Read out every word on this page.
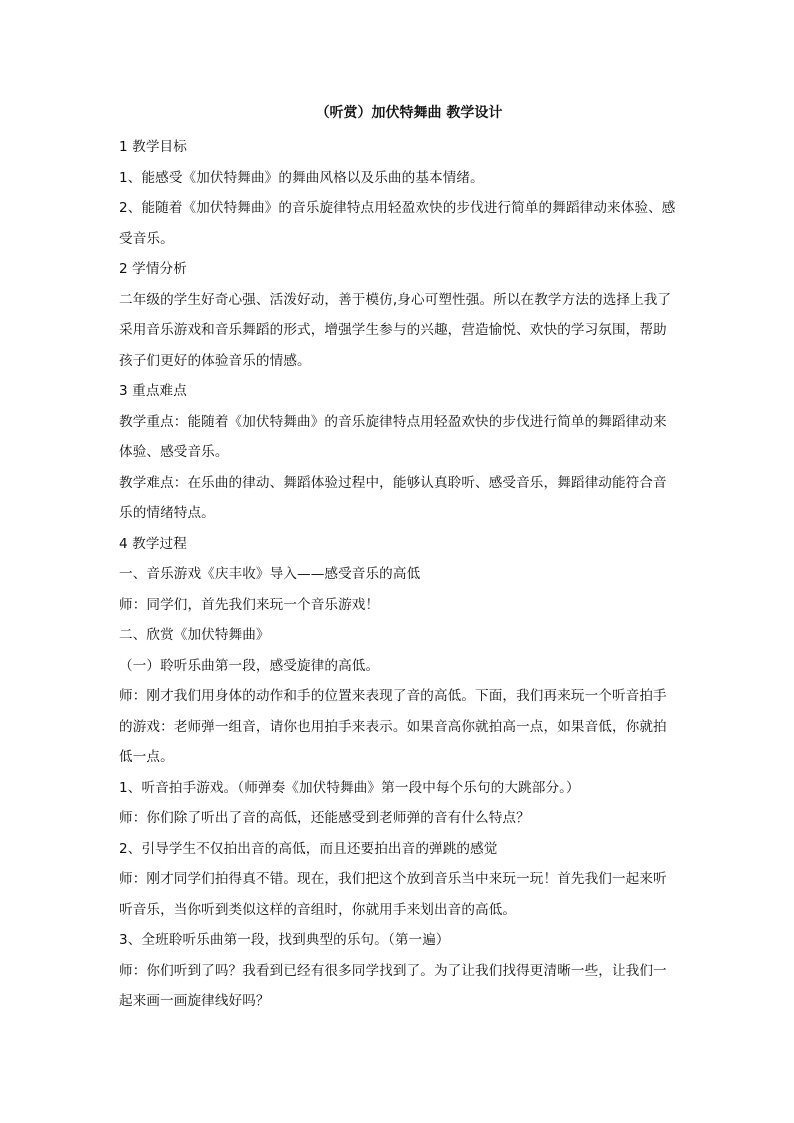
（听赏）加伏特舞曲 教学设计

1 教学目标

1、能感受《加伏特舞曲》的舞曲风格以及乐曲的基本情绪。

2、能随着《加伏特舞曲》的音乐旋律特点用轻盈欢快的步伐进行简单的舞蹈律动来体验、感受音乐。

2 学情分析

二年级的学生好奇心强、活泼好动，善于模仿,身心可塑性强。所以在教学方法的选择上我了采用音乐游戏和音乐舞蹈的形式，增强学生参与的兴趣，营造愉悦、欢快的学习氛围，帮助孩子们更好的体验音乐的情感。

3 重点难点

教学重点：能随着《加伏特舞曲》的音乐旋律特点用轻盈欢快的步伐进行简单的舞蹈律动来体验、感受音乐。

教学难点：在乐曲的律动、舞蹈体验过程中，能够认真聆听、感受音乐，舞蹈律动能符合音乐的情绪特点。

4 教学过程

一、音乐游戏《庆丰收》导入——感受音乐的高低

师：同学们，首先我们来玩一个音乐游戏！

二、欣赏《加伏特舞曲》

（一）聆听乐曲第一段，感受旋律的高低。

师：刚才我们用身体的动作和手的位置来表现了音的高低。下面，我们再来玩一个听音拍手的游戏：老师弹一组音，请你也用拍手来表示。如果音高你就拍高一点，如果音低，你就拍低一点。

1、听音拍手游戏。（师弹奏《加伏特舞曲》第一段中每个乐句的大跳部分。）

师：你们除了听出了音的高低，还能感受到老师弹的音有什么特点？

2、引导学生不仅拍出音的高低，而且还要拍出音的弹跳的感觉

师：刚才同学们拍得真不错。现在，我们把这个放到音乐当中来玩一玩！首先我们一起来听听音乐，当你听到类似这样的音组时，你就用手来划出音的高低。

3、全班聆听乐曲第一段，找到典型的乐句。（第一遍）

师：你们听到了吗？我看到已经有很多同学找到了。为了让我们找得更清晰一些，让我们一起来画一画旋律线好吗？
